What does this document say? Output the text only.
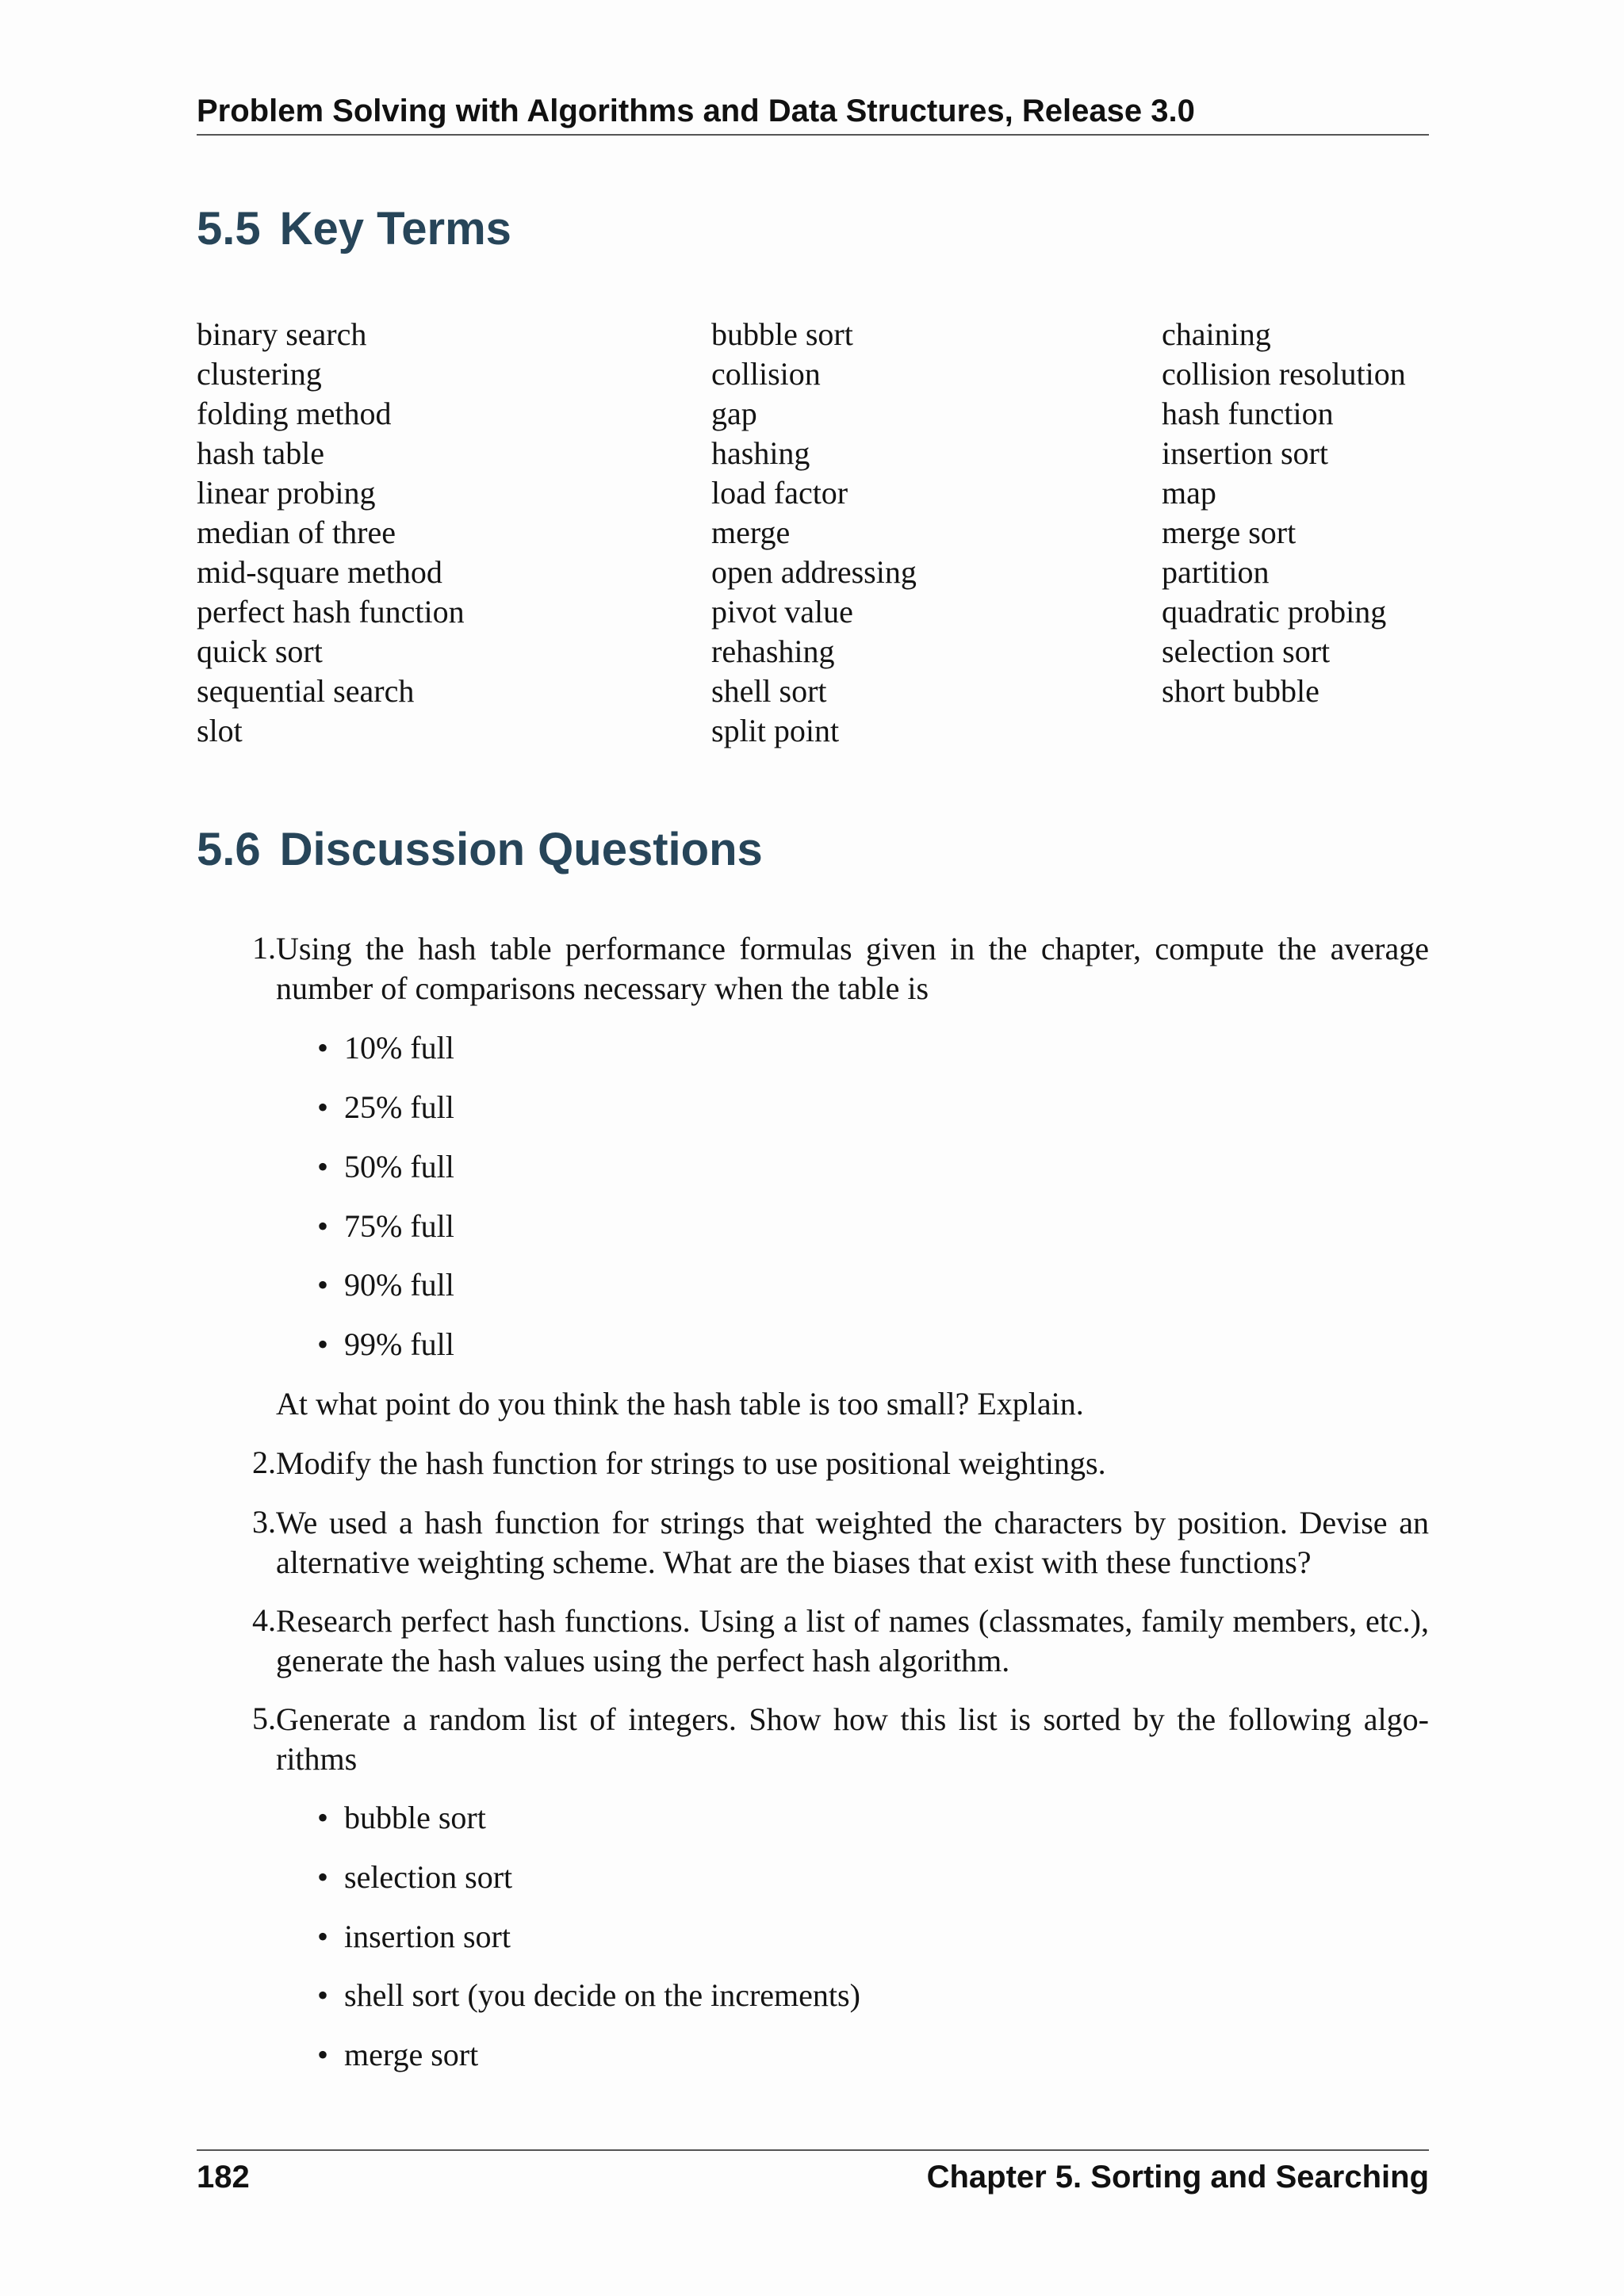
Problem Solving with Algorithms and Data Structures, Release 3.0
5.5 Key Terms
binary search	bubble sort	chaining
clustering	collision	collision resolution
folding method	gap	hash function
hash table	hashing	insertion sort
linear probing	load factor	map
median of three	merge	merge sort
mid-square method	open addressing	partition
perfect hash function	pivot value	quadratic probing
quick sort	rehashing	selection sort
sequential search	shell sort	short bubble
slot	split point
5.6 Discussion Questions
1. Using the hash table performance formulas given in the chapter, compute the average number of comparisons necessary when the table is
• 10% full
• 25% full
• 50% full
• 75% full
• 90% full
• 99% full
At what point do you think the hash table is too small? Explain.
2. Modify the hash function for strings to use positional weightings.
3. We used a hash function for strings that weighted the characters by position. Devise an alternative weighting scheme. What are the biases that exist with these functions?
4. Research perfect hash functions. Using a list of names (classmates, family members, etc.), generate the hash values using the perfect hash algorithm.
5. Generate a random list of integers. Show how this list is sorted by the following algo- rithms
• bubble sort
• selection sort
• insertion sort
• shell sort (you decide on the increments)
• merge sort
182	Chapter 5. Sorting and Searching
